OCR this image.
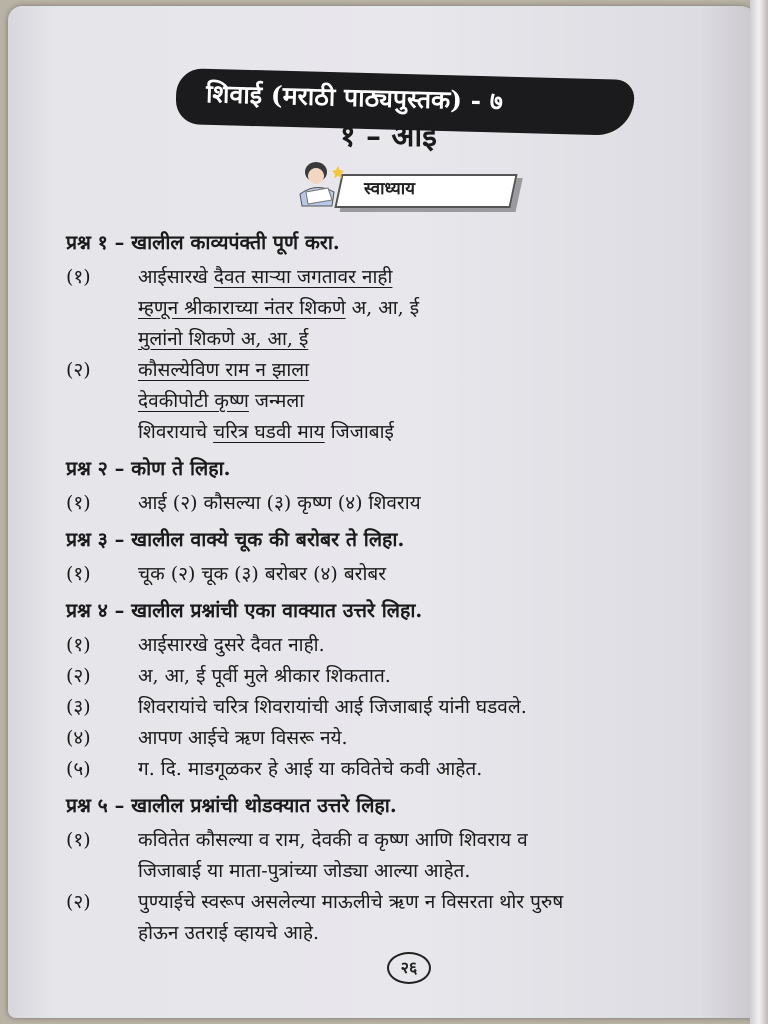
शिवाई (मराठी पाठ्यपुस्तक) - ७
१ – आई
स्वाध्याय
प्रश्न १ – खालील काव्यपंक्ती पूर्ण करा.
(१)	आईसारखे दैवत साऱ्या जगतावर नाही
म्हणून श्रीकाराच्या नंतर शिकणे अ, आ, ई
मुलांनो शिकणे अ, आ, ई
(२)	कौसल्येविण राम न झाला
देवकीपोटी कृष्ण जन्मला
शिवरायाचे चरित्र घडवी माय जिजाबाई
प्रश्न २ – कोण ते लिहा.
(१)	आई (२) कौसल्या (३) कृष्ण (४) शिवराय
प्रश्न ३ – खालील वाक्ये चूक की बरोबर ते लिहा.
(१)	चूक (२) चूक (३) बरोबर (४) बरोबर
प्रश्न ४ – खालील प्रश्नांची एका वाक्यात उत्तरे लिहा.
(१)	आईसारखे दुसरे दैवत नाही.
(२)	अ, आ, ई पूर्वी मुले श्रीकार शिकतात.
(३)	शिवरायांचे चरित्र शिवरायांची आई जिजाबाई यांनी घडवले.
(४)	आपण आईचे ऋण विसरू नये.
(५)	ग. दि. माडगूळकर हे आई या कवितेचे कवी आहेत.
प्रश्न ५ – खालील प्रश्नांची थोडक्यात उत्तरे लिहा.
(१)	कवितेत कौसल्या व राम, देवकी व कृष्ण आणि शिवराय व
जिजाबाई या माता-पुत्रांच्या जोड्या आल्या आहेत.
(२)	पुण्याईचे स्वरूप असलेल्या माऊलीचे ऋण न विसरता थोर पुरुष
होऊन उतराई व्हायचे आहे.
२६
